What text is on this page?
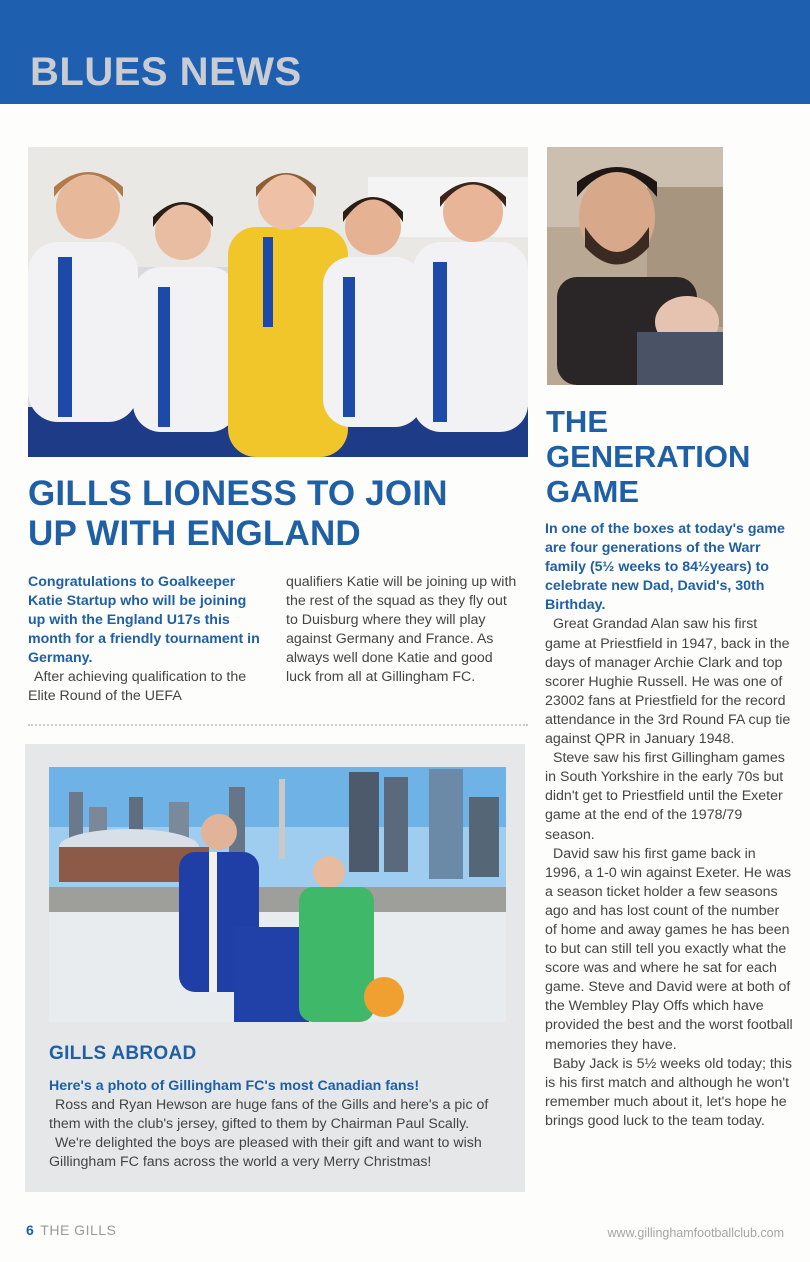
BLUES NEWS
GILLS LIONESS TO JOIN
UP WITH ENGLAND

Congratulations to Goalkeeper Katie Startup who will be joining up with the England U17s this month for a friendly tournament in Germany.

After achieving qualification to the Elite Round of the UEFA

qualifiers Katie will be joining up with the rest of the squad as they fly out to Duisburg where they will play against Germany and France. As always well done Katie and good luck from all at Gillingham FC.

GILLS ABROAD

Here's a photo of Gillingham FC's most Canadian fans!

Ross and Ryan Hewson are huge fans of the Gills and here's a pic of them with the club's jersey, gifted to them by Chairman Paul Scally.

We're delighted the boys are pleased with their gift and want to wish Gillingham FC fans across the world a very Merry Christmas!

THE
GENERATION
GAME

In one of the boxes at today's game are four generations of the Warr family (5½ weeks to 84½years) to celebrate new Dad, David's, 30th Birthday.

Great Grandad Alan saw his first game at Priestfield in 1947, back in the days of manager Archie Clark and top scorer Hughie Russell. He was one of 23002 fans at Priestfield for the record attendance in the 3rd Round FA cup tie against QPR in January 1948.

Steve saw his first Gillingham games in South Yorkshire in the early 70s but didn't get to Priestfield until the Exeter game at the end of the 1978/79 season.

David saw his first game back in 1996, a 1-0 win against Exeter. He was a season ticket holder a few seasons ago and has lost count of the number of home and away games he has been to but can still tell you exactly what the score was and where he sat for each game. Steve and David were at both of the Wembley Play Offs which have provided the best and the worst football memories they have.

Baby Jack is 5½ weeks old today; this is his first match and although he won't remember much about it, let's hope he brings good luck to the team today.

6 THE GILLS	www.gillinghamfootballclub.com
